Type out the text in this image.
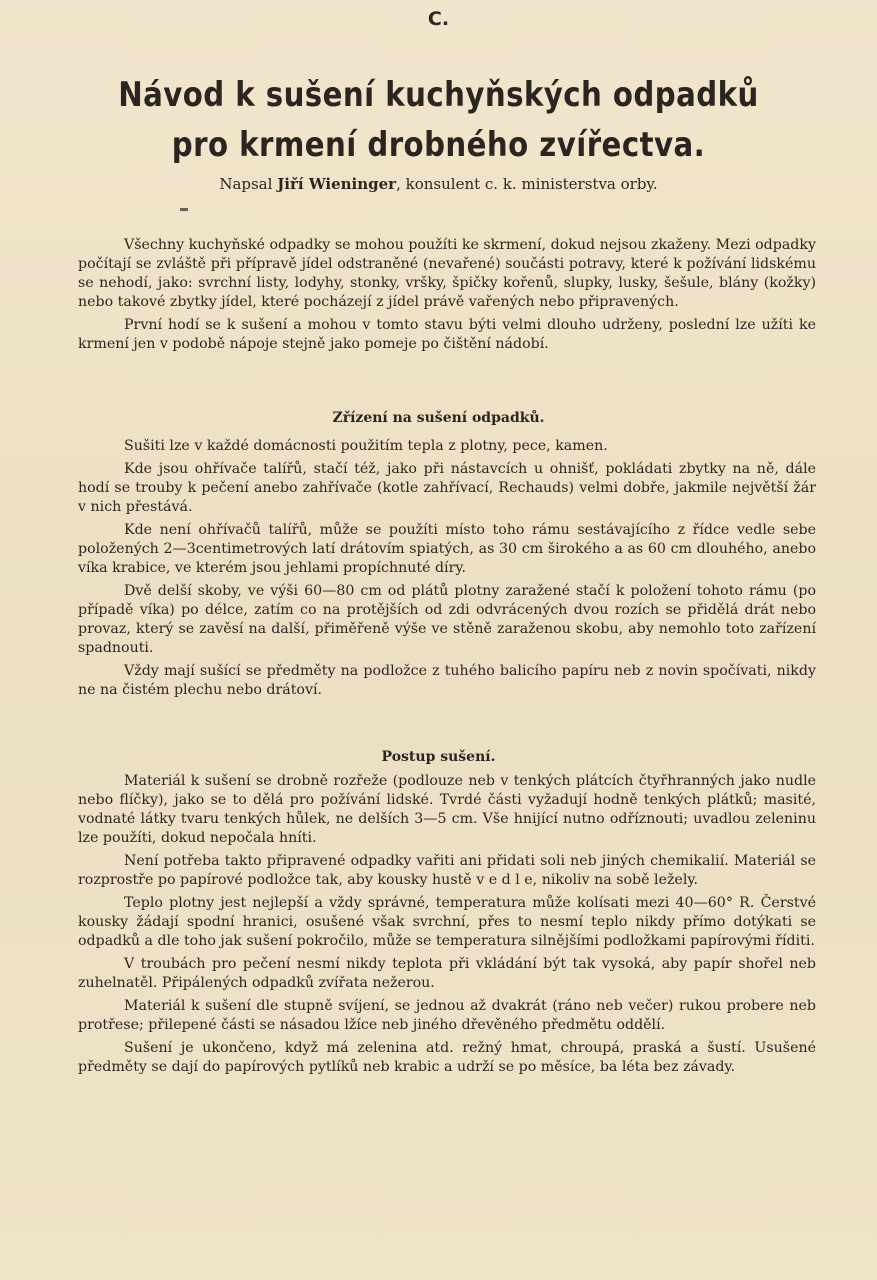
C.
Návod k sušení kuchyňských odpadků
pro krmení drobného zvířectva.
Napsal Jiří Wieninger, konsulent c. k. ministerstva orby.

Všechny kuchyňské odpadky se mohou použíti ke skrmení, dokud nejsou zkaženy. Mezi odpadky počítají se zvláště při přípravě jídel odstraněné (nevařené) součásti potravy, které k požívání lidskému se nehodí, jako: svrchní listy, lodyhy, stonky, vršky, špičky kořenů, slupky, lusky, šešule, blány (kožky) nebo takové zbytky jídel, které pocházejí z jídel právě vařených nebo připravených.

První hodí se k sušení a mohou v tomto stavu býti velmi dlouho udrženy, poslední lze užíti ke krmení jen v podobě nápoje stejně jako pomeje po čištění nádobí.

Zřízení na sušení odpadků.

Sušiti lze v každé domácnosti použitím tepla z plotny, pece, kamen.

Kde jsou ohřívače talířů, stačí též, jako při nástavcích u ohnišť, pokládati zbytky na ně, dále hodí se trouby k pečení anebo zahřívače (kotle zahřívací, Rechauds) velmi dobře, jakmile největší žár v nich přestává.

Kde není ohřívačů talířů, může se použíti místo toho rámu sestávajícího z řídce vedle sebe položených 2—3centimetrových latí drátovím spiatých, as 30 cm širokého a as 60 cm dlouhého, anebo víka krabice, ve kterém jsou jehlami propíchnuté díry.

Dvě delší skoby, ve výši 60—80 cm od plátů plotny zaražené stačí k položení tohoto rámu (po případě víka) po délce, zatím co na protějších od zdi odvrácených dvou rozích se přidělá drát nebo provaz, který se zavěsí na další, přiměřeně výše ve stěně zaraženou skobu, aby nemohlo toto zařízení spadnouti.

Vždy mají sušící se předměty na podložce z tuhého balicího papíru neb z novin spočívati, nikdy ne na čistém plechu nebo drátoví.

Postup sušení.

Materiál k sušení se drobně rozřeže (podlouze neb v tenkých plátcích čtyřhranných jako nudle nebo flíčky), jako se to dělá pro požívání lidské. Tvrdé části vyžadují hodně tenkých plátků; masité, vodnaté látky tvaru tenkých hůlek, ne delších 3—5 cm. Vše hnijící nutno odříznouti; uvadlou zeleninu lze použíti, dokud nepočala hníti.

Není potřeba takto připravené odpadky vařiti ani přidati soli neb jiných chemikalií. Materiál se rozprostře po papírové podložce tak, aby kousky hustě v e d l e, nikoliv na sobě ležely.

Teplo plotny jest nejlepší a vždy správné, temperatura může kolísati mezi 40—60° R. Čerstvé kousky žádají spodní hranici, osušené však svrchní, přes to nesmí teplo nikdy přímo dotýkati se odpadků a dle toho jak sušení pokročilo, může se temperatura silnějšími podložkami papírovými říditi.

V troubách pro pečení nesmí nikdy teplota při vkládání být tak vysoká, aby papír shořel neb zuhelnatěl. Připálených odpadků zvířata nežerou.

Materiál k sušení dle stupně svíjení, se jednou až dvakrát (ráno neb večer) rukou probere neb protřese; přilepené části se násadou lžíce neb jiného dřevěného předmětu oddělí.

Sušení je ukončeno, když má zelenina atd. režný hmat, chroupá, praská a šustí. Usušené předměty se dají do papírových pytlíků neb krabic a udrží se po měsíce, ba léta bez závady.
